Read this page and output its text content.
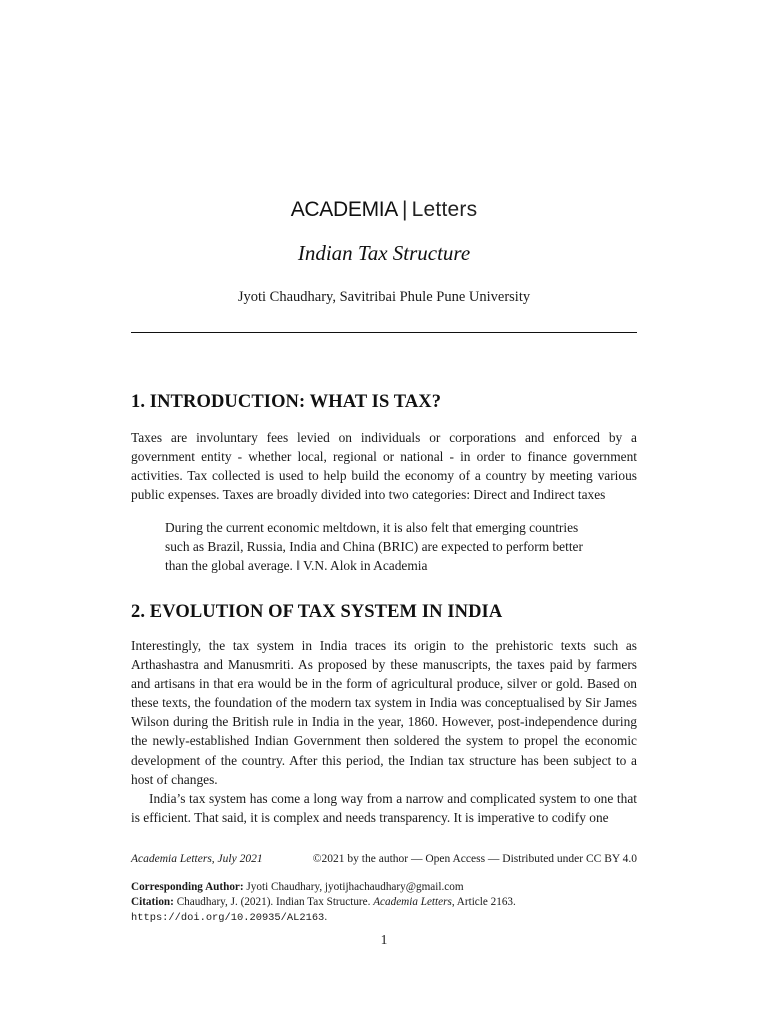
ACADEMIA | Letters
Indian Tax Structure
Jyoti Chaudhary, Savitribai Phule Pune University
1. INTRODUCTION: WHAT IS TAX?

Taxes are involuntary fees levied on individuals or corporations and enforced by a government entity - whether local, regional or national - in order to finance government activities. Tax collected is used to help build the economy of a country by meeting various public expenses. Taxes are broadly divided into two categories: Direct and Indirect taxes

During the current economic meltdown, it is also felt that emerging countries such as Brazil, Russia, India and China (BRIC) are expected to perform better than the global average. ‖ V.N. Alok in Academia

2. EVOLUTION OF TAX SYSTEM IN INDIA

Interestingly, the tax system in India traces its origin to the prehistoric texts such as Arthashastra and Manusmriti. As proposed by these manuscripts, the taxes paid by farmers and artisans in that era would be in the form of agricultural produce, silver or gold. Based on these texts, the foundation of the modern tax system in India was conceptualised by Sir James Wilson during the British rule in India in the year, 1860. However, post-independence during the newly-established Indian Government then soldered the system to propel the economic development of the country. After this period, the Indian tax structure has been subject to a host of changes.

India’s tax system has come a long way from a narrow and complicated system to one that is efficient. That said, it is complex and needs transparency. It is imperative to codify one

Academia Letters, July 2021	©2021 by the author — Open Access — Distributed under CC BY 4.0
Corresponding Author: Jyoti Chaudhary, jyotijhachaudhary@gmail.com
Citation: Chaudhary, J. (2021). Indian Tax Structure. Academia Letters, Article 2163.
https://doi.org/10.20935/AL2163.
1
